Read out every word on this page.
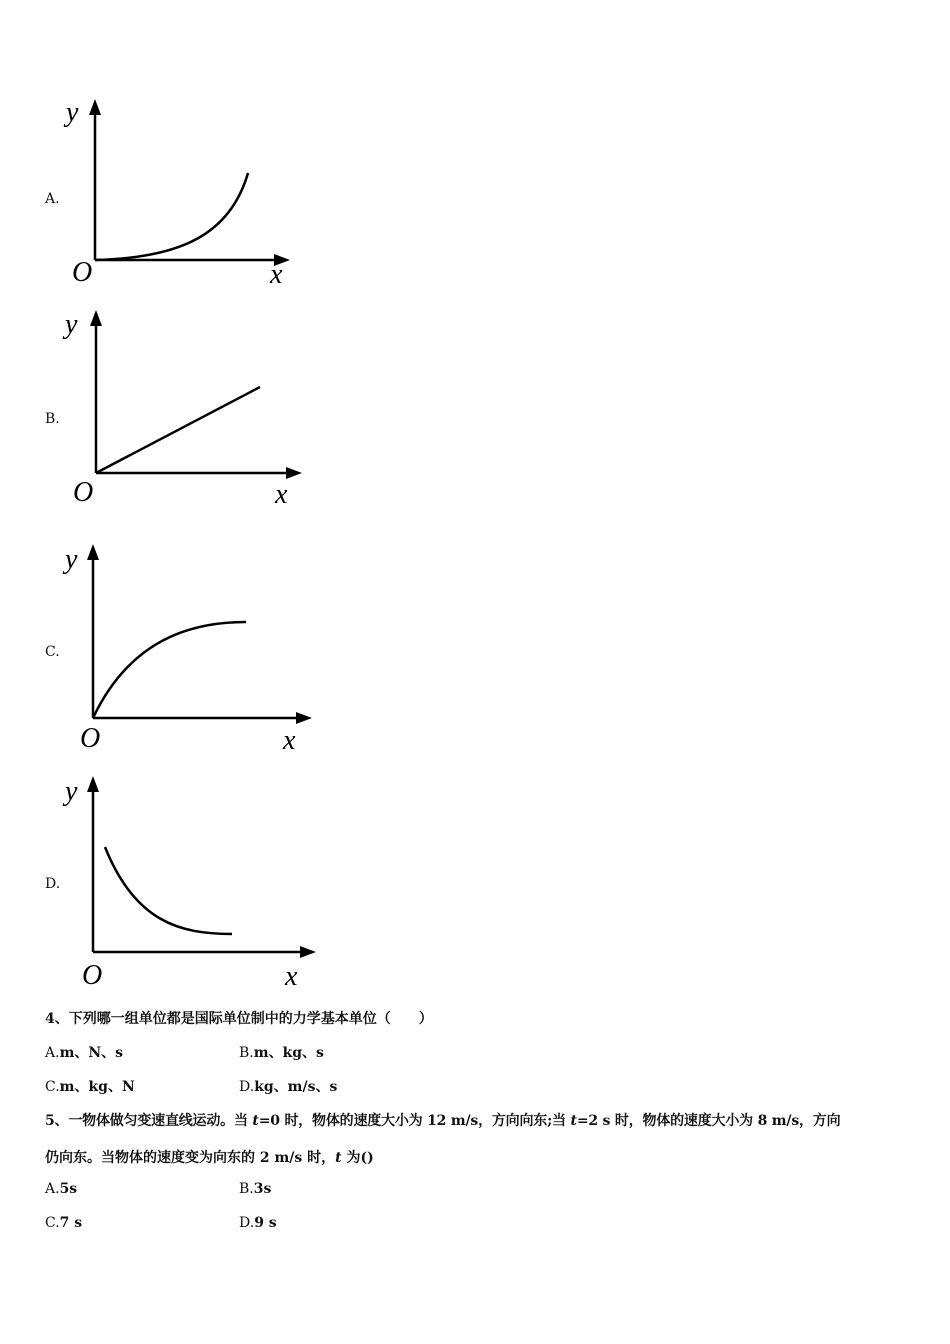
A.
y
O	x
B.
y
O	x
C.
y
O	x
D.
y
O	x
4、下列哪一组单位都是国际单位制中的力学基本单位（　　）
A.m、N、s	B.m、kg、s
C.m、kg、N	D.kg、m/s、s
5、一物体做匀变速直线运动。当 t=0 时，物体的速度大小为 12 m/s，方向向东;当 t=2 s 时，物体的速度大小为 8 m/s，方向
仍向东。当物体的速度变为向东的 2 m/s 时，t 为()
A.5s	B.3s
C.7 s	D.9 s
